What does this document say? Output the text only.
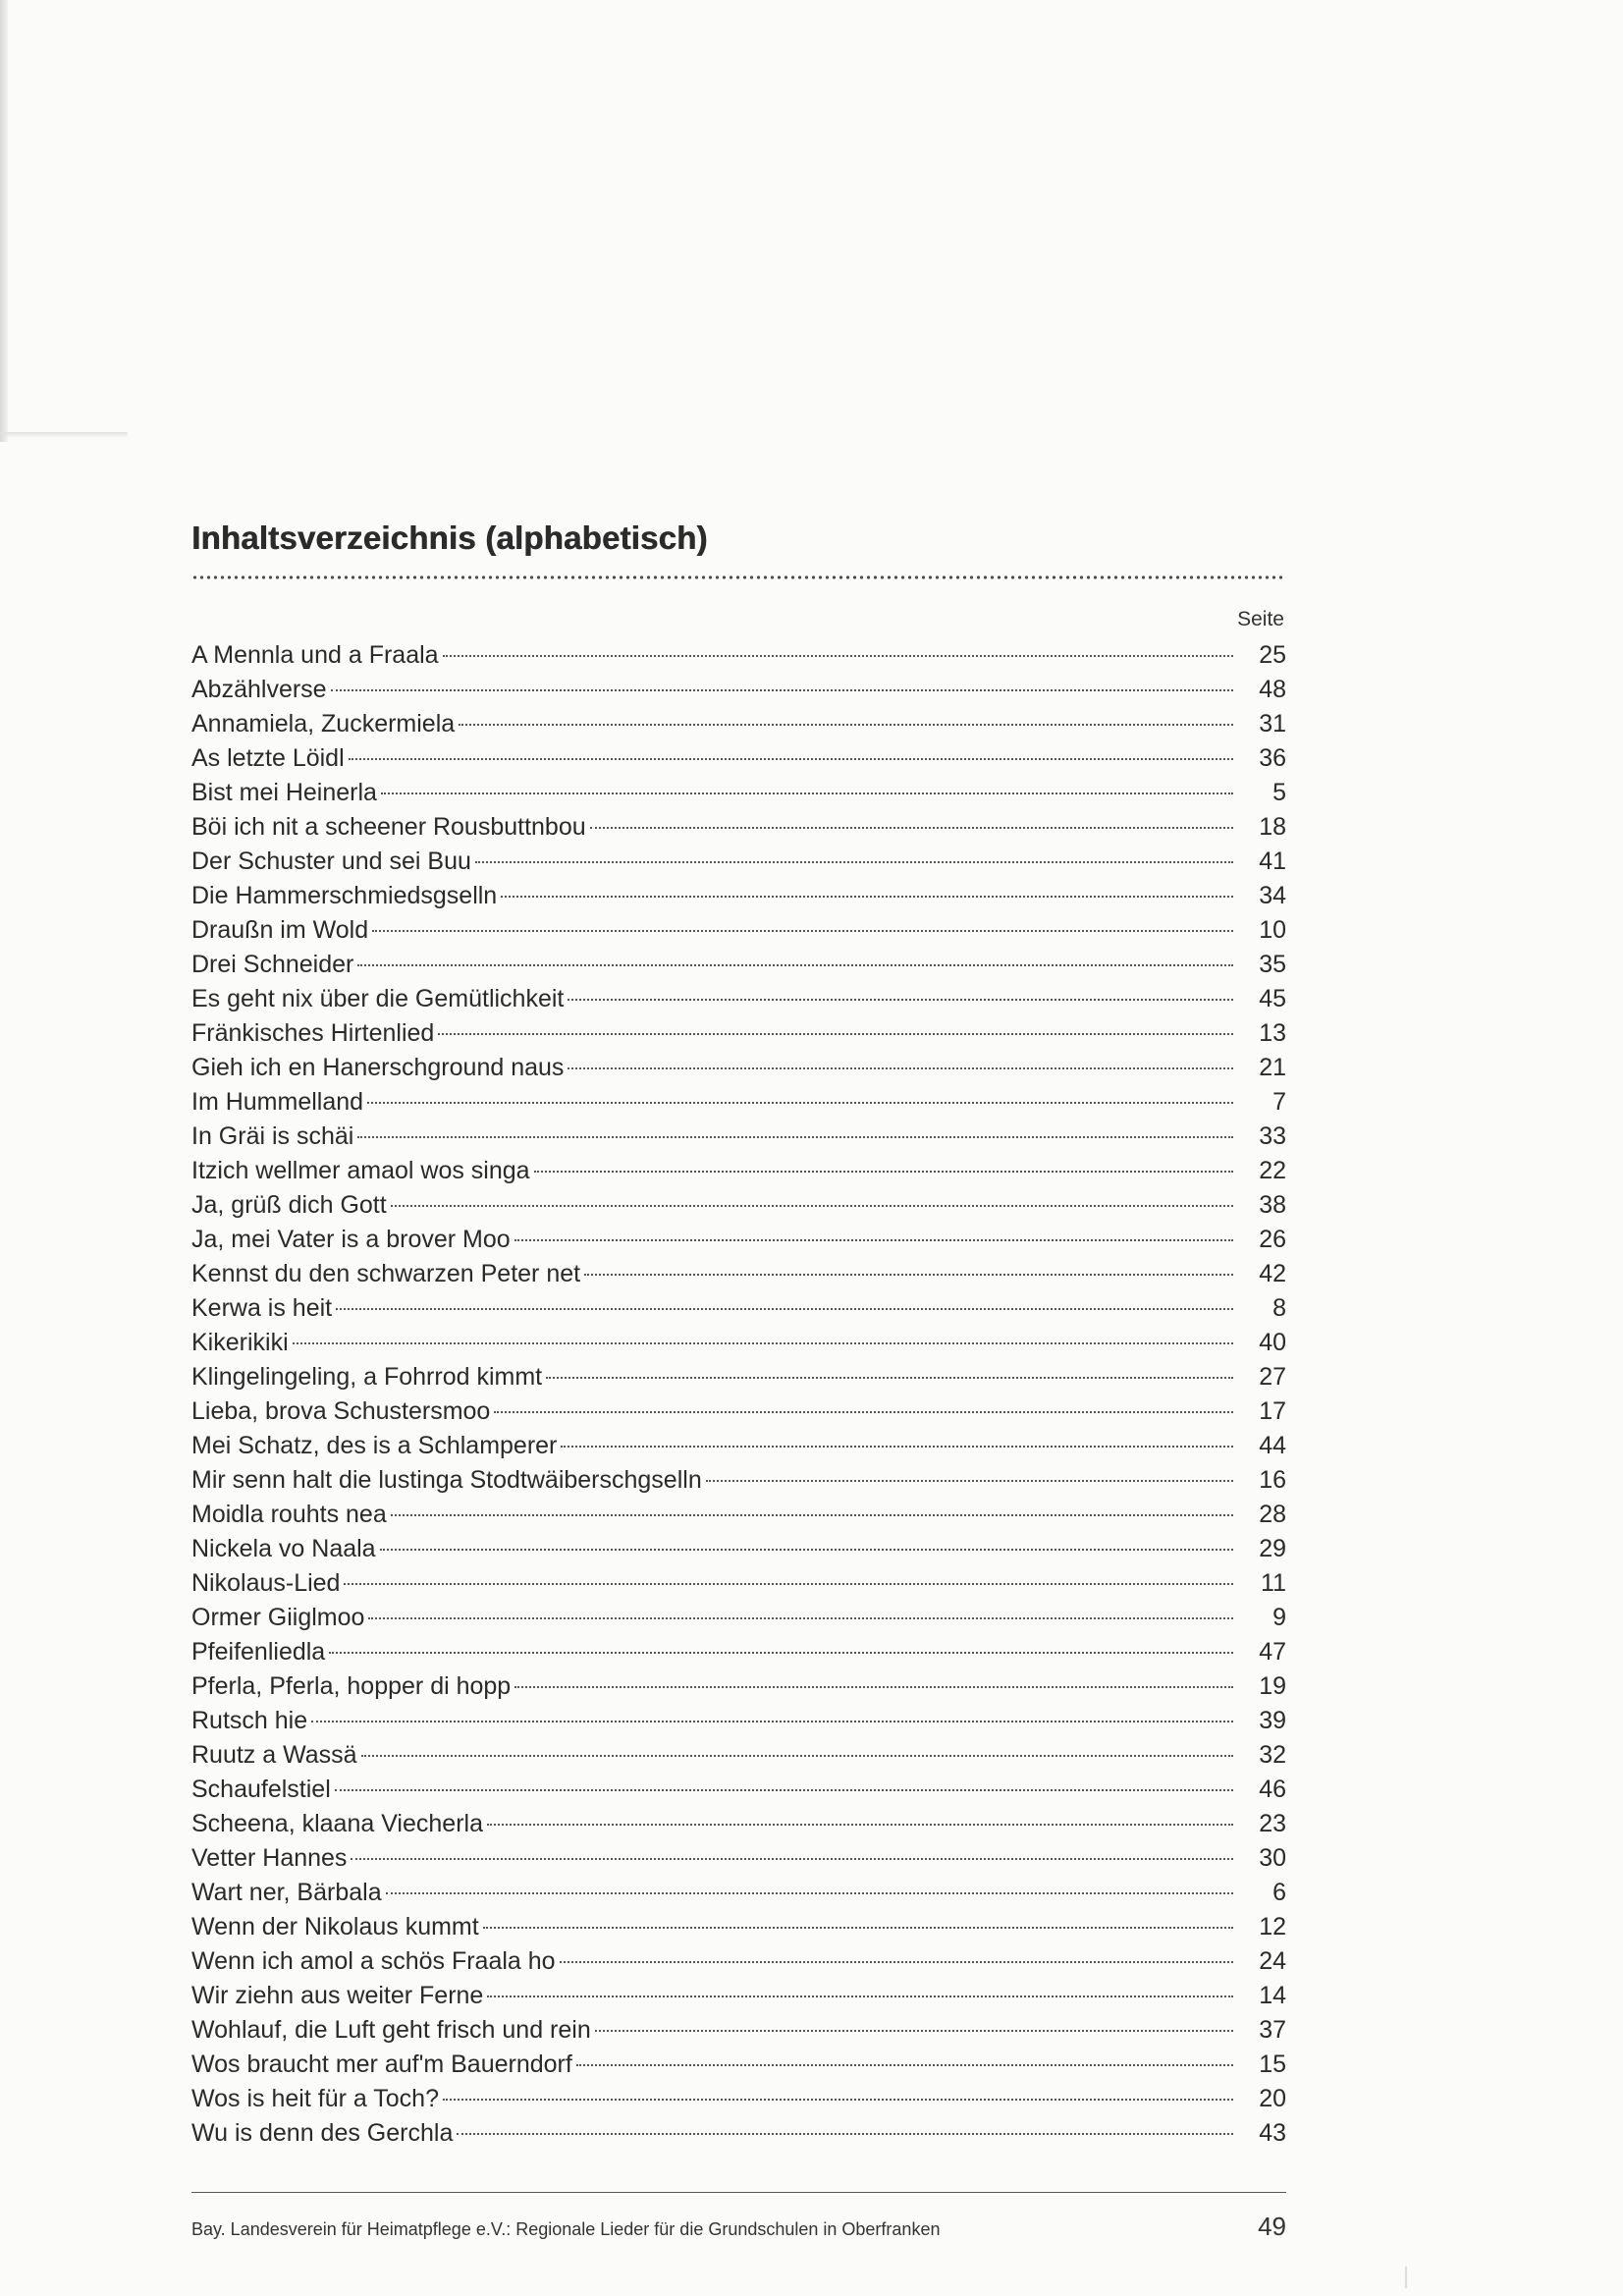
Inhaltsverzeichnis (alphabetisch)
Seite
A Mennla und a Fraala	25
Abzählverse	48
Annamiela, Zuckermiela	31
As letzte Löidl	36
Bist mei Heinerla	5
Böi ich nit a scheener Rousbuttnbou	18
Der Schuster und sei Buu	41
Die Hammerschmiedsgselln	34
Draußn im Wold	10
Drei Schneider	35
Es geht nix über die Gemütlichkeit	45
Fränkisches Hirtenlied	13
Gieh ich en Hanerschground naus	21
Im Hummelland	7
In Gräi is schäi	33
Itzich wellmer amaol wos singa	22
Ja, grüß dich Gott	38
Ja, mei Vater is a brover Moo	26
Kennst du den schwarzen Peter net	42
Kerwa is heit	8
Kikerikiki	40
Klingelingeling, a Fohrrod kimmt	27
Lieba, brova Schustersmoo	17
Mei Schatz, des is a Schlamperer	44
Mir senn halt die lustinga Stodtwäiberschgselln	16
Moidla rouhts nea	28
Nickela vo Naala	29
Nikolaus-Lied	11
Ormer Giiglmoo	9
Pfeifenliedla	47
Pferla, Pferla, hopper di hopp	19
Rutsch hie	39
Ruutz a Wassä	32
Schaufelstiel	46
Scheena, klaana Viecherla	23
Vetter Hannes	30
Wart ner, Bärbala	6
Wenn der Nikolaus kummt	12
Wenn ich amol a schös Fraala ho	24
Wir ziehn aus weiter Ferne	14
Wohlauf, die Luft geht frisch und rein	37
Wos braucht mer auf'm Bauerndorf	15
Wos is heit für a Toch?	20
Wu is denn des Gerchla	43
Bay. Landesverein für Heimatpflege e.V.: Regionale Lieder für die Grundschulen in Oberfranken	49
